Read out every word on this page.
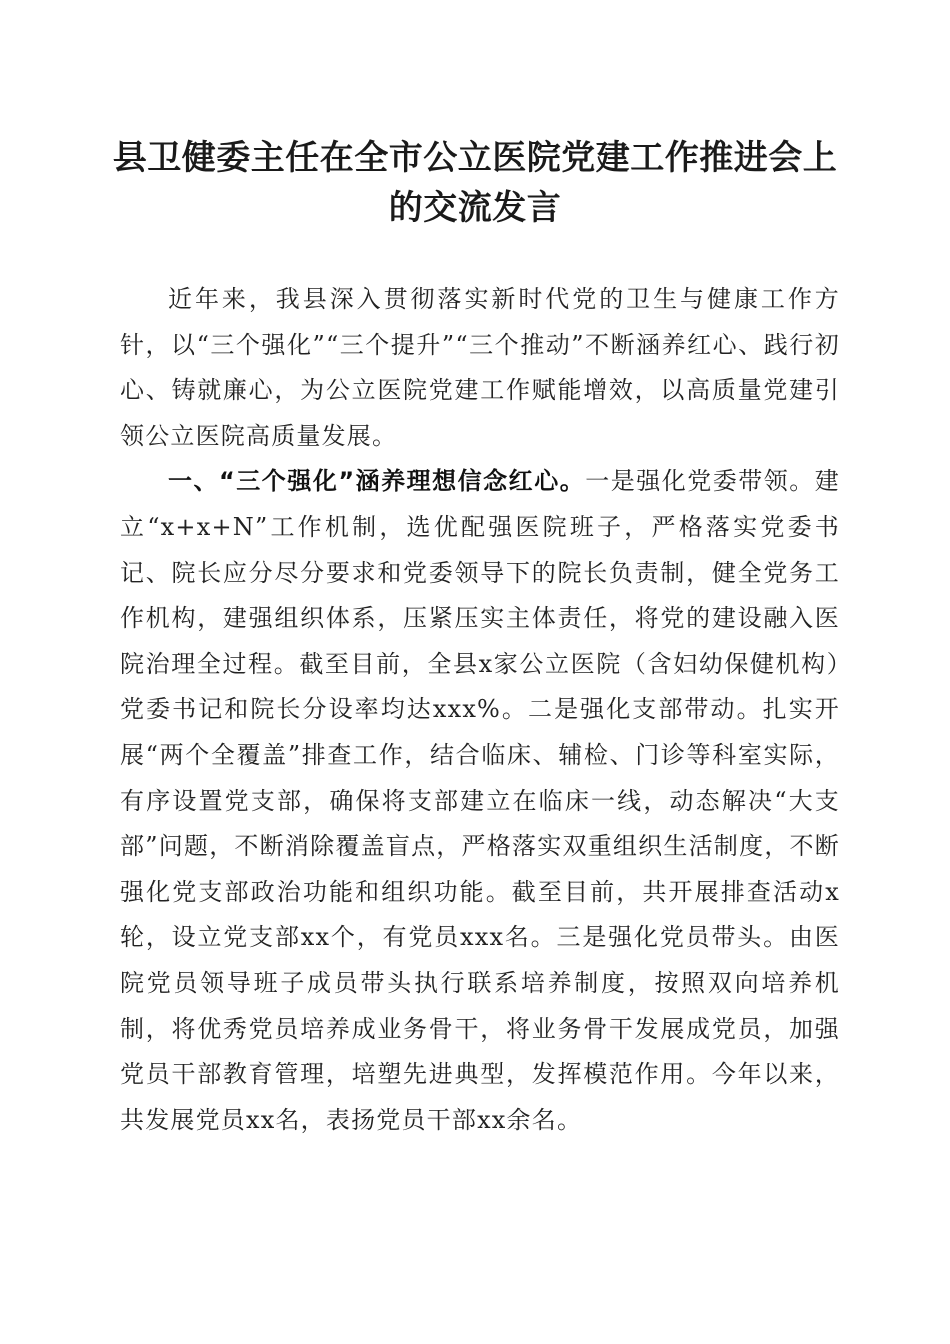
县卫健委主任在全市公立医院党建工作推进会上的交流发言

近年来，我县深入贯彻落实新时代党的卫生与健康工作方针，以“三个强化”“三个提升”“三个推动”不断涵养红心、践行初心、铸就廉心，为公立医院党建工作赋能增效，以高质量党建引领公立医院高质量发展。

一、“三个强化”涵养理想信念红心。一是强化党委带领。建立“x+x+N”工作机制，选优配强医院班子，严格落实党委书记、院长应分尽分要求和党委领导下的院长负责制，健全党务工作机构，建强组织体系，压紧压实主体责任，将党的建设融入医院治理全过程。截至目前，全县x家公立医院（含妇幼保健机构）党委书记和院长分设率均达xxx%。二是强化支部带动。扎实开展“两个全覆盖”排查工作，结合临床、辅检、门诊等科室实际，有序设置党支部，确保将支部建立在临床一线，动态解决“大支部”问题，不断消除覆盖盲点，严格落实双重组织生活制度，不断强化党支部政治功能和组织功能。截至目前，共开展排查活动x轮，设立党支部xx个，有党员xxx名。三是强化党员带头。由医院党员领导班子成员带头执行联系培养制度，按照双向培养机制，将优秀党员培养成业务骨干，将业务骨干发展成党员，加强党员干部教育管理，培塑先进典型，发挥模范作用。今年以来，共发展党员xx名，表扬党员干部xx余名。
